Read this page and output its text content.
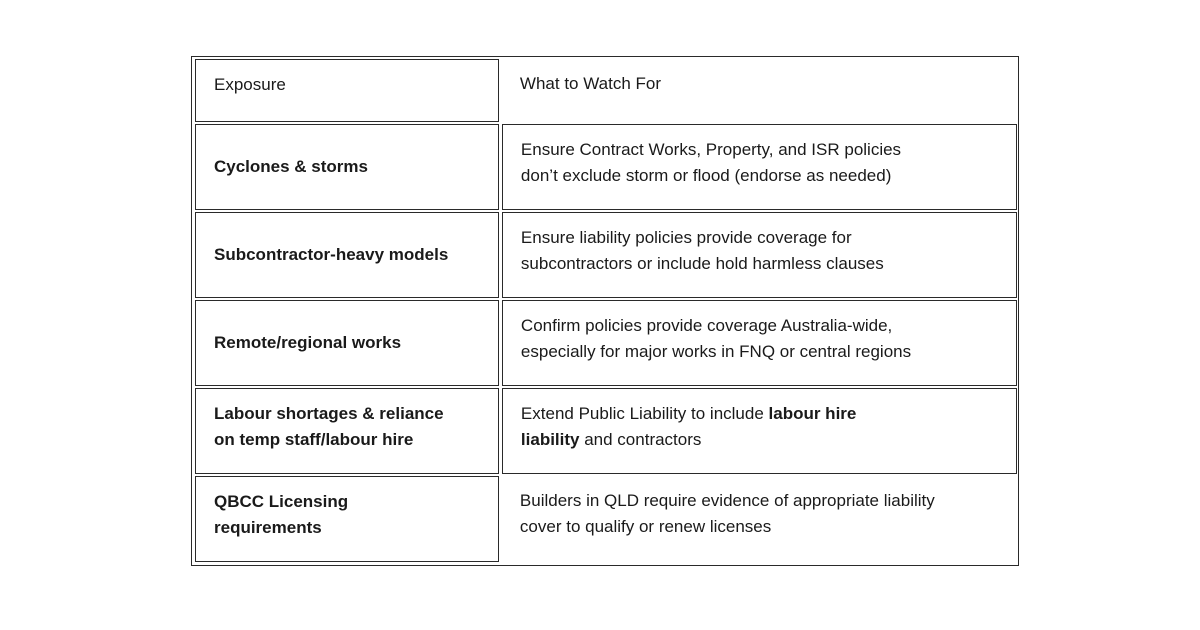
Exposure	What to Watch For
Cyclones & storms	Ensure Contract Works, Property, and ISR policies
don’t exclude storm or flood (endorse as needed)
Subcontractor-heavy models	Ensure liability policies provide coverage for
subcontractors or include hold harmless clauses
Remote/regional works	Confirm policies provide coverage Australia-wide,
especially for major works in FNQ or central regions
Labour shortages & reliance
on temp staff/labour hire	Extend Public Liability to include labour hire
liability and contractors
QBCC Licensing
requirements	Builders in QLD require evidence of appropriate liability
cover to qualify or renew licenses
